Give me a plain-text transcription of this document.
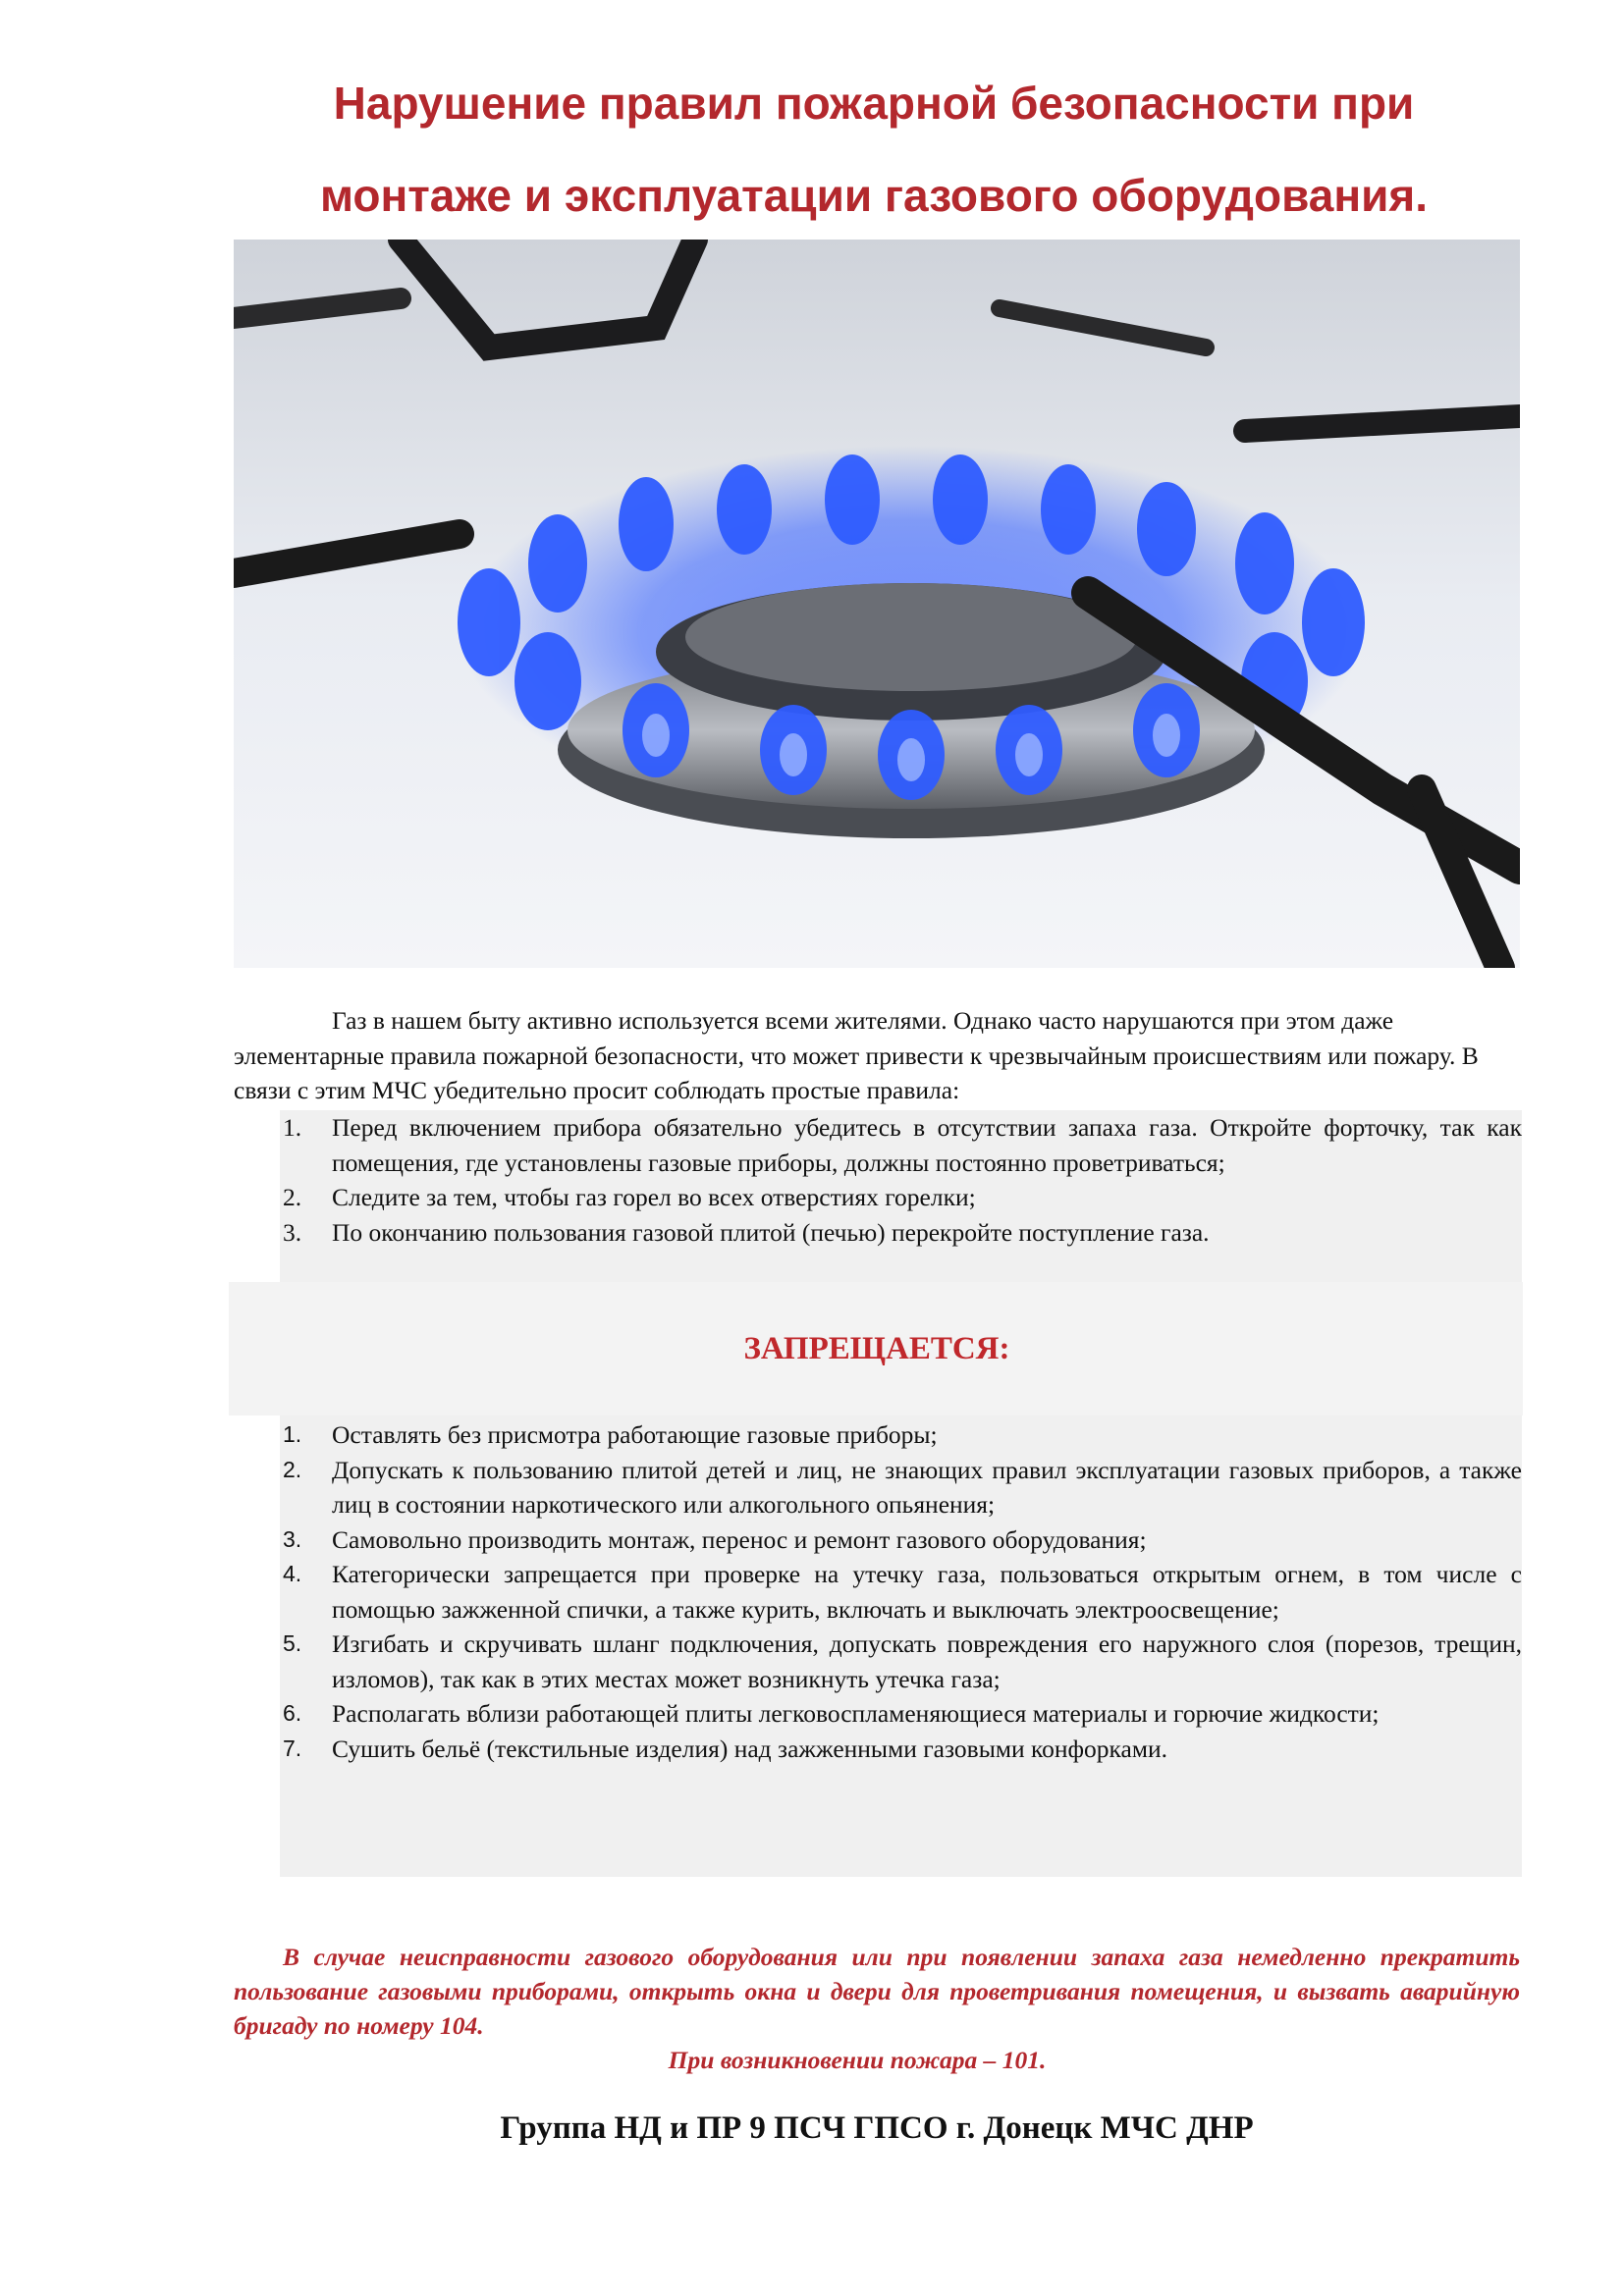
Нарушение правил пожарной безопасности при
монтаже и эксплуатации газового оборудования.

Газ в нашем быту активно используется всеми жителями. Однако часто нарушаются при этом даже элементарные правила пожарной безопасности, что может привести к чрезвычайным происшествиям или пожару. В связи с этим МЧС убедительно просит соблюдать простые правила:

1.	Перед включением прибора обязательно убедитесь в отсутствии запаха газа. Откройте форточку, так как помещения, где установлены газовые приборы, должны постоянно проветриваться;
2.	Следите за тем, чтобы газ горел во всех отверстиях горелки;
3.	По окончанию пользования газовой плитой (печью) перекройте поступление газа.
ЗАПРЕЩАЕТСЯ:
1.	Оставлять без присмотра работающие газовые приборы;
2.	Допускать к пользованию плитой детей и лиц, не знающих правил эксплуатации газовых приборов, а также лиц в состоянии наркотического или алкогольного опьянения;
3.	Самовольно производить монтаж, перенос и ремонт газового оборудования;
4.	Категорически запрещается при проверке на утечку газа, пользоваться открытым огнем, в том числе с помощью зажженной спички, а также курить, включать и выключать электроосвещение;
5.	Изгибать и скручивать шланг подключения, допускать повреждения его наружного слоя (порезов, трещин, изломов), так как в этих местах может возникнуть утечка газа;
6.	Располагать вблизи работающей плиты легковоспламеняющиеся материалы и горючие жидкости;
7.	Сушить бельё (текстильные изделия) над зажженными газовыми конфорками.

В случае неисправности газового оборудования или при появлении запаха газа немедленно прекратить пользование газовыми приборами, открыть окна и двери для проветривания помещения, и вызвать аварийную бригаду по номеру 104.

При возникновении пожара – 101.

Группа НД и ПР 9 ПСЧ ГПСО г. Донецк МЧС ДНР
